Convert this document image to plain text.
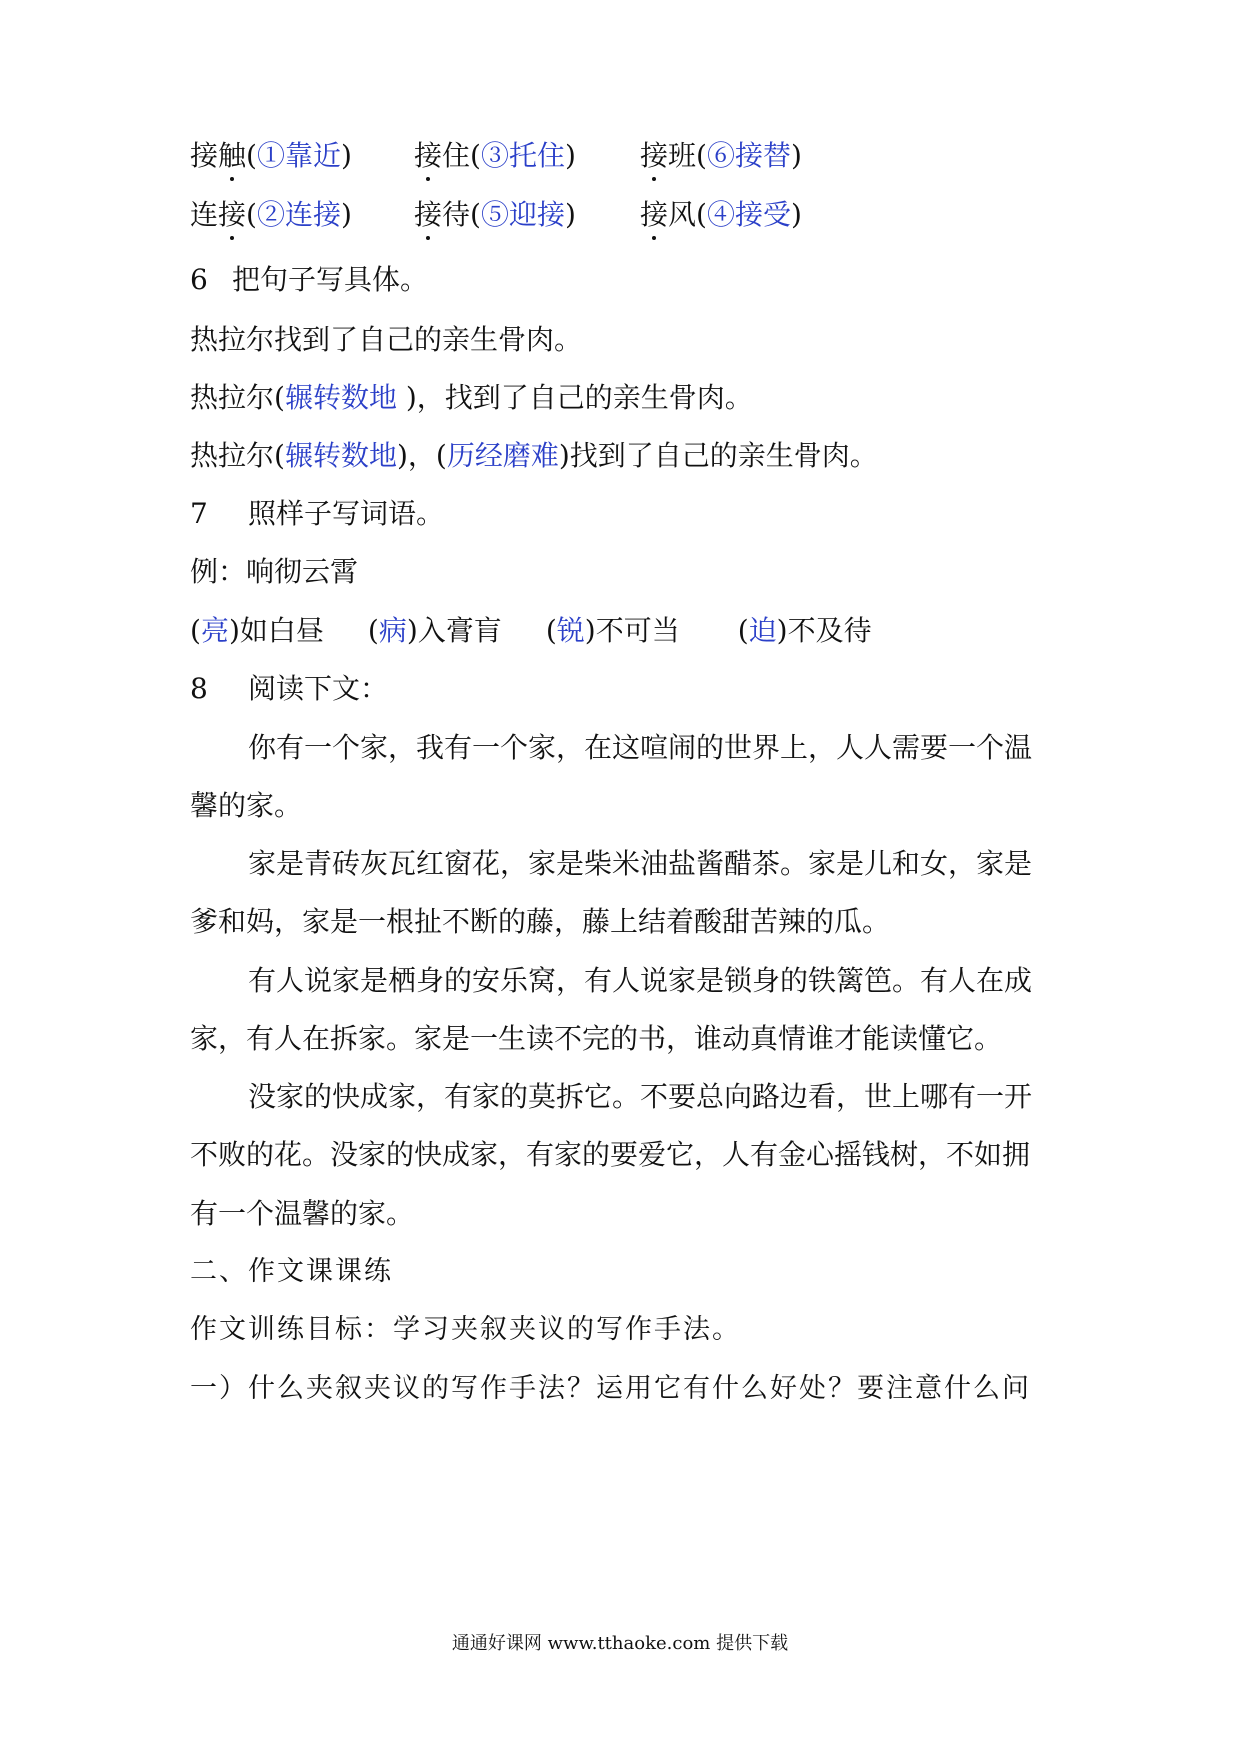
接触(①靠近) 接住(③托住) 接班(⑥接替)
连接(②连接) 接待(⑤迎接) 接风(④接受)
6 把句子写具体。
热拉尔找到了自己的亲生骨肉。
热拉尔(辗转数地 )，找到了自己的亲生骨肉。
热拉尔(辗转数地)，(历经磨难)找到了自己的亲生骨肉。
7 照样子写词语。
例：响彻云霄
(亮)如白昼 (病)入膏肓 (锐)不可当 (迫)不及待
8 阅读下文：
你有一个家，我有一个家，在这喧闹的世界上，人人需要一个温
馨的家。
家是青砖灰瓦红窗花，家是柴米油盐酱醋茶。家是儿和女，家是
爹和妈，家是一根扯不断的藤，藤上结着酸甜苦辣的瓜。
有人说家是栖身的安乐窝，有人说家是锁身的铁篱笆。有人在成
家，有人在拆家。家是一生读不完的书，谁动真情谁才能读懂它。
没家的快成家，有家的莫拆它。不要总向路边看，世上哪有一开
不败的花。没家的快成家，有家的要爱它，人有金心摇钱树，不如拥
有一个温馨的家。
二、作文课课练
作文训练目标：学习夹叙夹议的写作手法。
一）什么夹叙夹议的写作手法？运用它有什么好处？要注意什么问
通通好课网 www.tthaoke.com 提供下载
